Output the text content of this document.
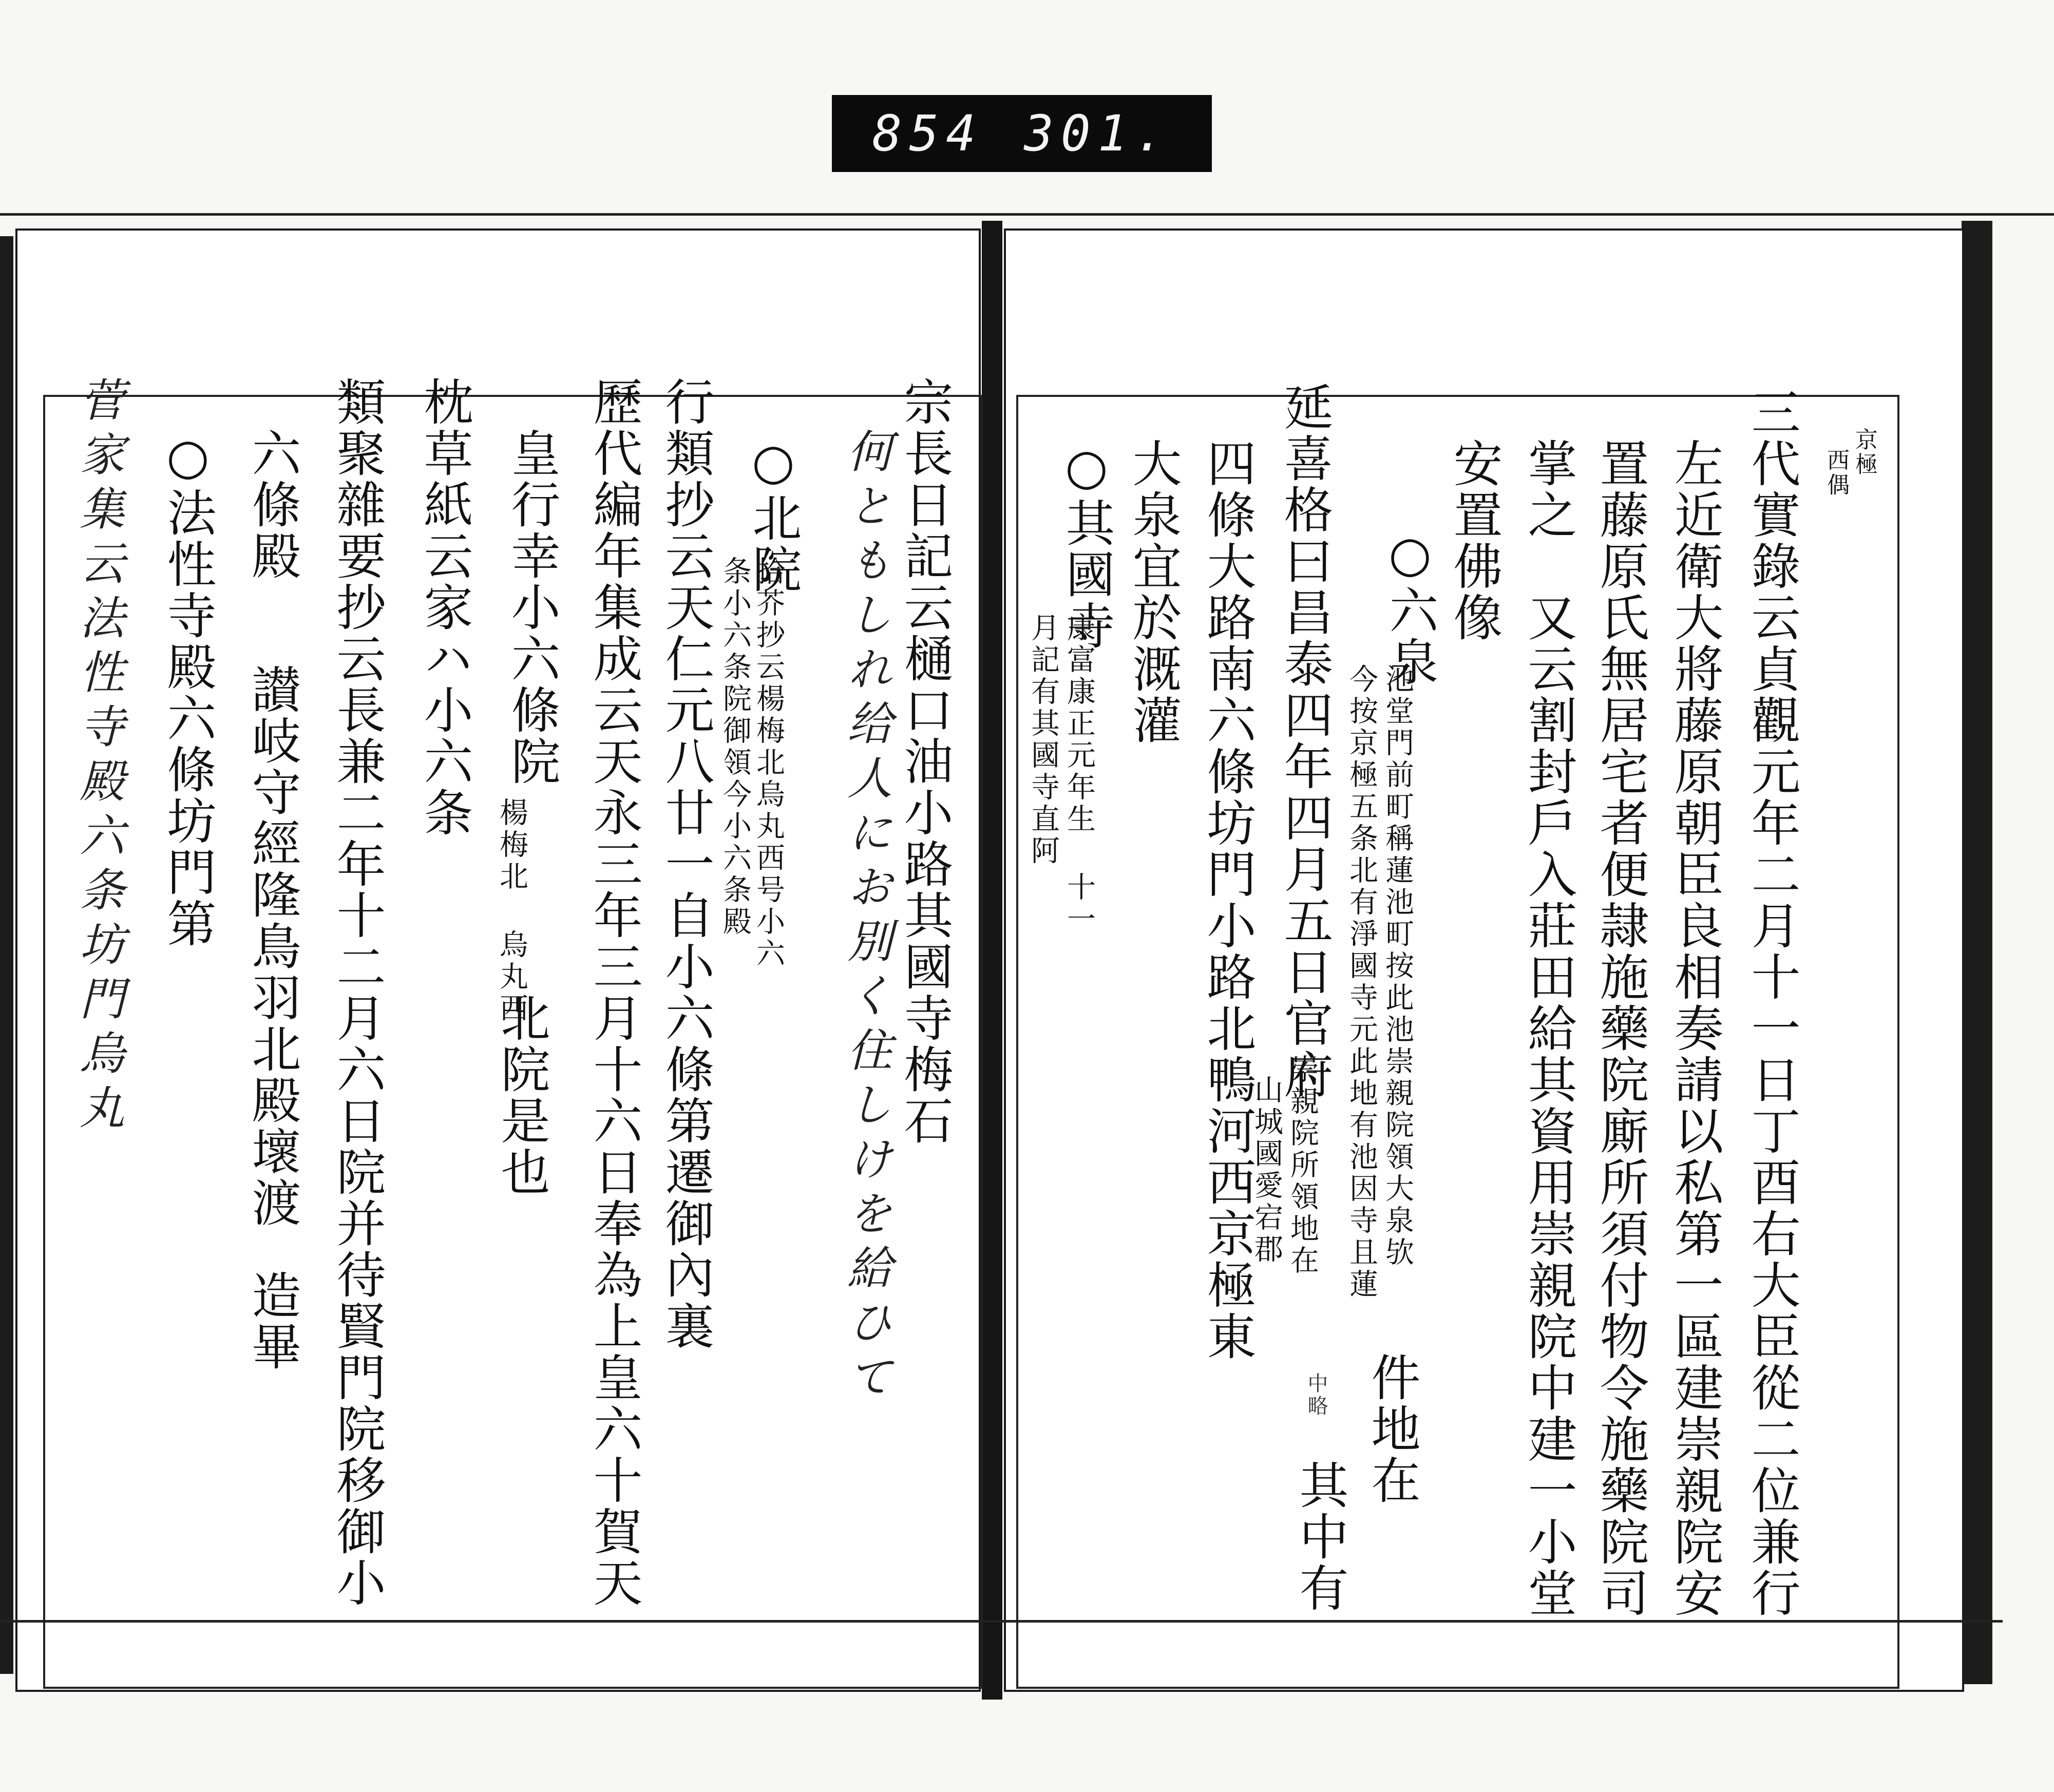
854 301.
宗長日記云樋口油小路其國寺梅石
何ともしれ给人にお別く住しけを給ひて
○北院
拾芥抄云楊梅北烏丸西号小六
条小六条院御領今小六条殿
行類抄云天仁元八廿一自小六條第遷御內裏
歷代編年集成云天永三年三月十六日奉為上皇六十賀天
皇行幸小六條院
楊梅北 烏丸西
北院是也
枕草紙云家ハ小六条
類聚雜要抄云長兼二年十二月六日院并待賢門院移御小
六條殿
讃岐守經隆鳥羽北殿壞渡
造畢
○法性寺殿六條坊門第
菅家集云法性寺殿六条坊門烏丸	京極
西偶
三代實錄云貞觀元年二月十一日丁酉右大臣從二位兼行
左近衛大將藤原朝臣良相奏請以私第一區建崇親院安
置藤原氏無居宅者便隷施藥院廝所須付物令施藥院司
掌之　又云割封戶入莊田給其資用崇親院中建一小堂
安置佛像
○六泉
池堂門前町稱蓮池町按此池崇親院領大泉欤
今按京極五条北有淨國寺元此地有池因寺且蓮
延喜格曰昌泰四年四月五日官府
崇親院所領地在
山城國愛宕郡
四條大路南六條坊門小路北鴨河西京極東
中略 件地在
其中有
大泉宜於溉灌
○其國寺
康富康正元年生 十一
月記有其國寺直阿
